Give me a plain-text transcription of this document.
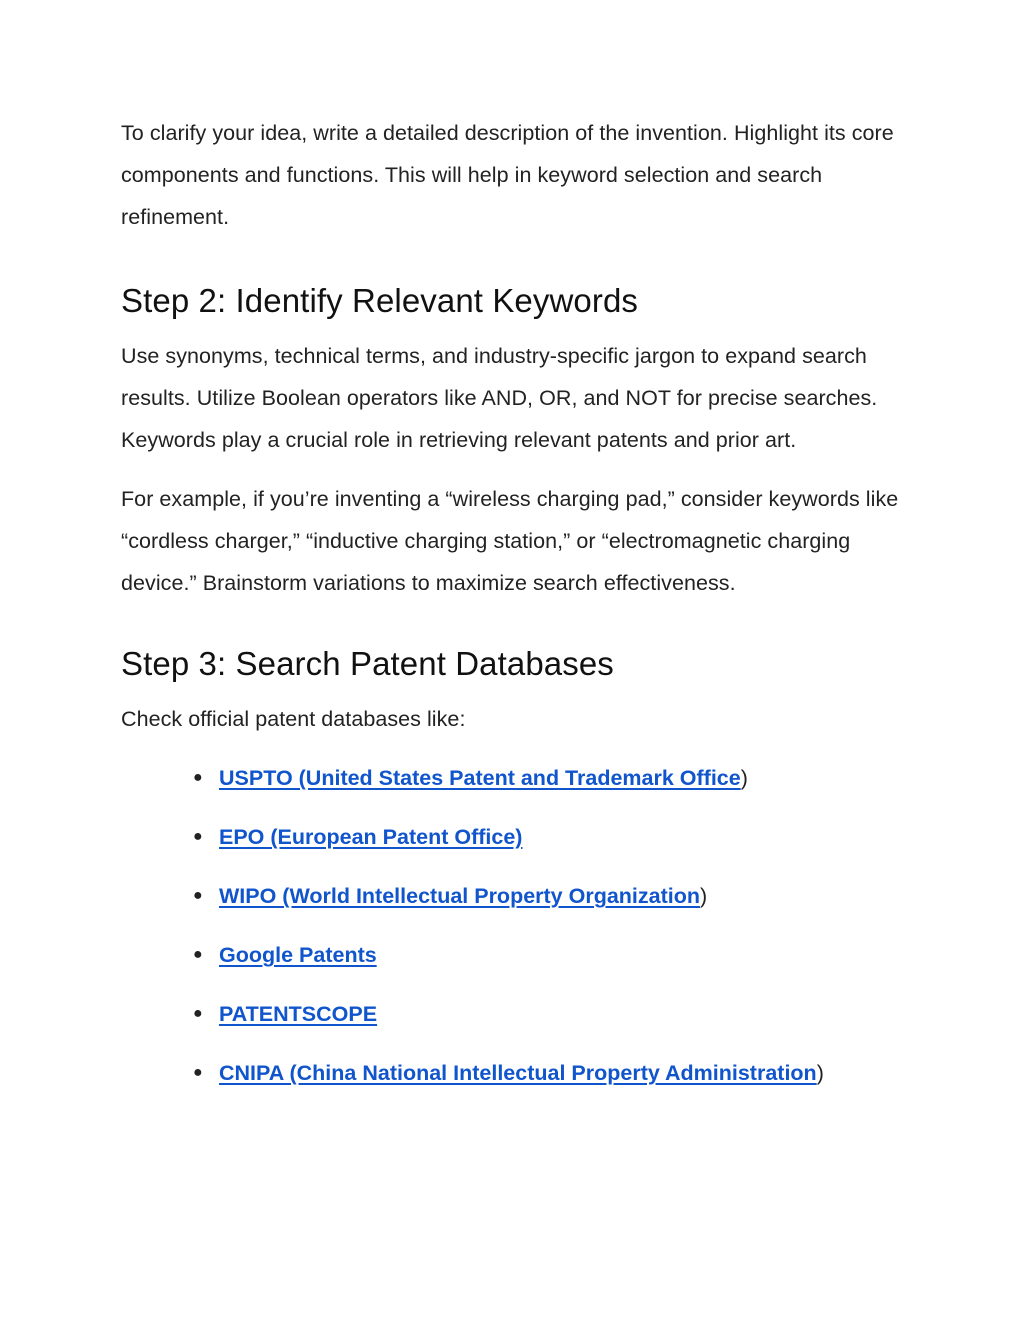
To clarify your idea, write a detailed description of the invention. Highlight its core components and functions. This will help in keyword selection and search refinement.

Step 2: Identify Relevant Keywords

Use synonyms, technical terms, and industry-specific jargon to expand search results. Utilize Boolean operators like AND, OR, and NOT for precise searches. Keywords play a crucial role in retrieving relevant patents and prior art.

For example, if you’re inventing a “wireless charging pad,” consider keywords like “cordless charger,” “inductive charging station,” or “electromagnetic charging device.” Brainstorm variations to maximize search effectiveness.

Step 3: Search Patent Databases

Check official patent databases like:

● USPTO (United States Patent and Trademark Office)
● EPO (European Patent Office)
● WIPO (World Intellectual Property Organization)
● Google Patents
● PATENTSCOPE
● CNIPA (China National Intellectual Property Administration)
